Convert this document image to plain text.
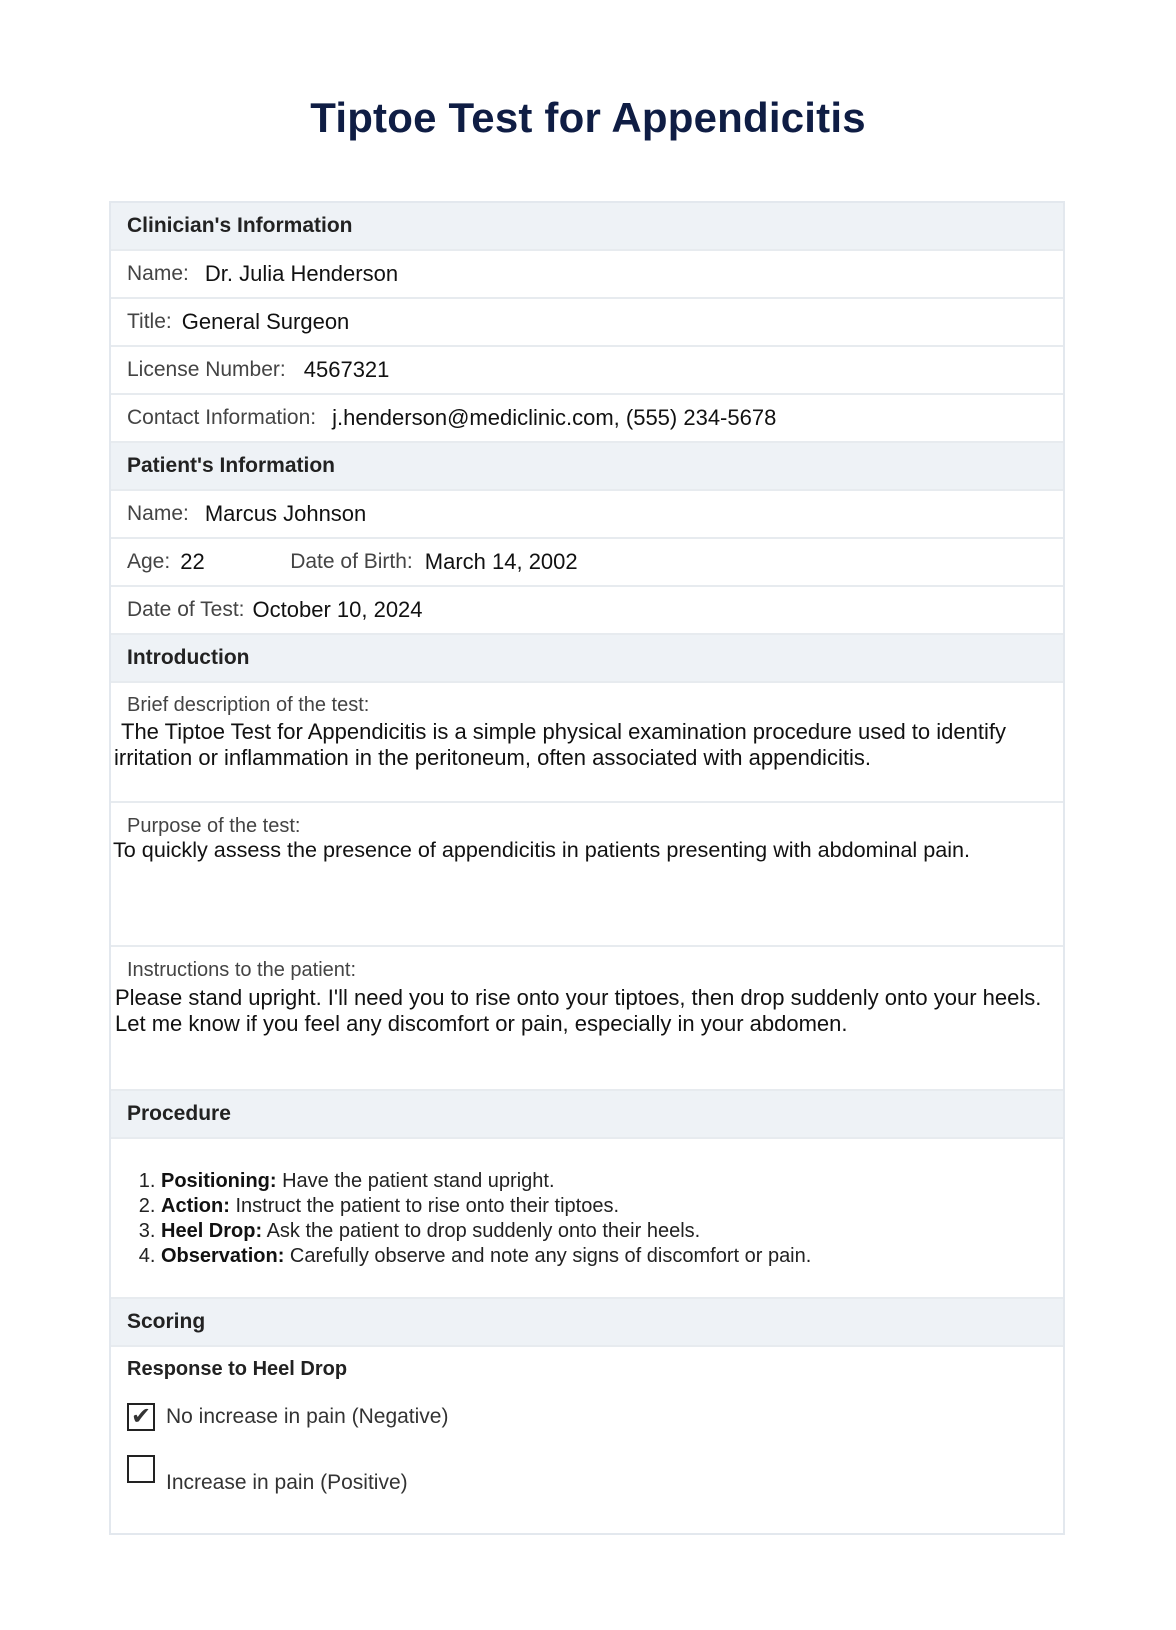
Tiptoe Test for Appendicitis
Clinician's Information
Name: Dr. Julia Henderson
Title: General Surgeon
License Number: 4567321
Contact Information: j.henderson@mediclinic.com, (555) 234-5678
Patient's Information
Name: Marcus Johnson
Age: 22	Date of Birth: March 14, 2002
Date of Test: October 10, 2024
Introduction
Brief description of the test:
The Tiptoe Test for Appendicitis is a simple physical examination procedure used to identify irritation or inflammation in the peritoneum, often associated with appendicitis.
Purpose of the test:
To quickly assess the presence of appendicitis in patients presenting with abdominal pain.
Instructions to the patient:
Please stand upright. I'll need you to rise onto your tiptoes, then drop suddenly onto your heels. Let me know if you feel any discomfort or pain, especially in your abdomen.
Procedure
1. Positioning: Have the patient stand upright.
2. Action: Instruct the patient to rise onto their tiptoes.
3. Heel Drop: Ask the patient to drop suddenly onto their heels.
4. Observation: Carefully observe and note any signs of discomfort or pain.
Scoring
Response to Heel Drop
✔ No increase in pain (Negative)
Increase in pain (Positive)
